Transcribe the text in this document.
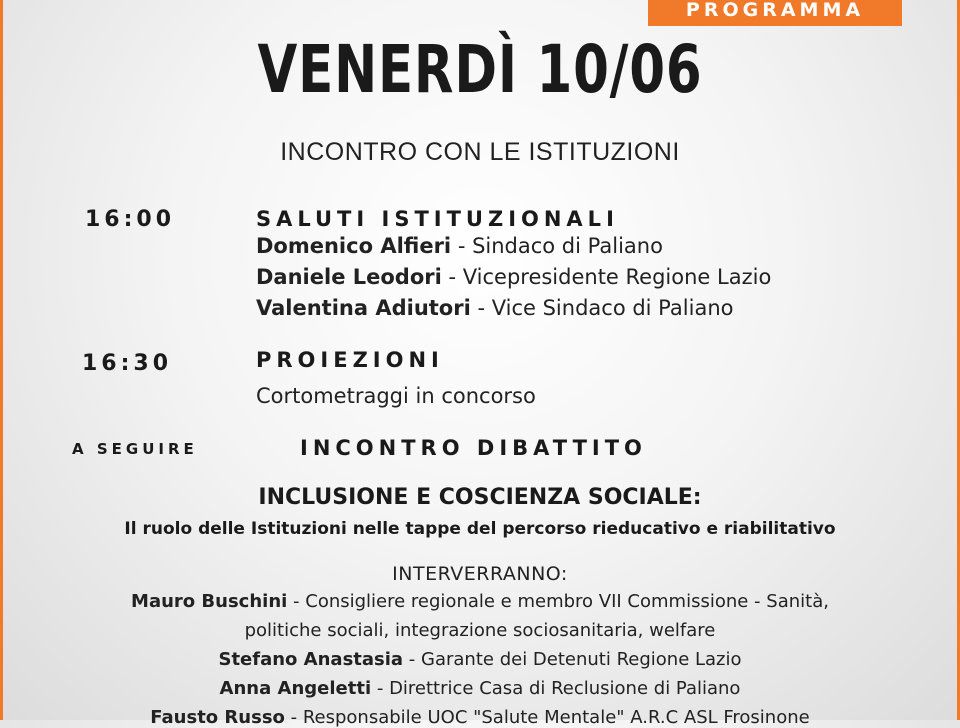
PROGRAMMA
VENERDÌ 10/06
INCONTRO CON LE ISTITUZIONI
16:00	SALUTI ISTITUZIONALI
Domenico Alfieri - Sindaco di Paliano
Daniele Leodori - Vicepresidente Regione Lazio
Valentina Adiutori - Vice Sindaco di Paliano
16:30	PROIEZIONI
Cortometraggi in concorso
A SEGUIRE	INCONTRO DIBATTITO
INCLUSIONE E COSCIENZA SOCIALE:
Il ruolo delle Istituzioni nelle tappe del percorso rieducativo e riabilitativo
INTERVERRANNO:
Mauro Buschini - Consigliere regionale e membro VII Commissione - Sanità,
politiche sociali, integrazione sociosanitaria, welfare
Stefano Anastasia - Garante dei Detenuti Regione Lazio
Anna Angeletti - Direttrice Casa di Reclusione di Paliano
Fausto Russo - Responsabile UOC "Salute Mentale" A.R.C ASL Frosinone
